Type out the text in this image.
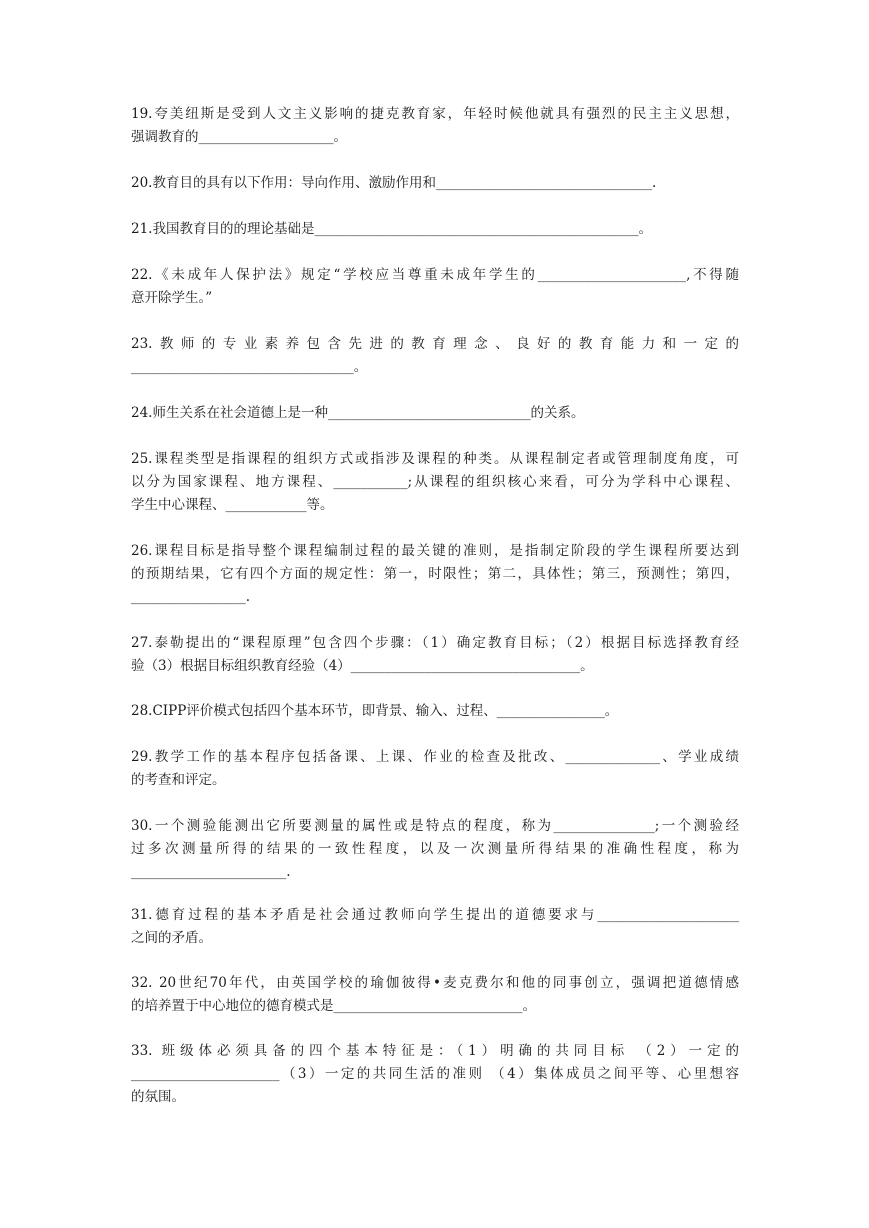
19.夸美纽斯是受到人文主义影响的捷克教育家，年轻时候他就具有强烈的民主主义思想，
强调教育的____________________。
20.教育目的具有以下作用：导向作用、激励作用和________________________________.
21.我国教育目的的理论基础是________________________________________________。
22.《未成年人保护法》规定“学校应当尊重未成年学生的______________________,不得随
意开除学生。”
23.教师的专业素养包含先进的教育理念、良好的教育能力和一定的
_________________________________。
24.师生关系在社会道德上是一种______________________________的关系。
25.课程类型是指课程的组织方式或指涉及课程的种类。从课程制定者或管理制度角度，可
以分为国家课程、地方课程、___________;从课程的组织核心来看，可分为学科中心课程、
学生中心课程、____________等。
26.课程目标是指导整个课程编制过程的最关键的准则，是指制定阶段的学生课程所要达到
的预期结果，它有四个方面的规定性：第一，时限性；第二，具体性；第三，预测性；第四，
_________________.
27.泰勒提出的“课程原理”包含四个步骤：（1）确定教育目标；（2）根据目标选择教育经
验（3）根据目标组织教育经验（4）__________________________________。
28.CIPP评价模式包括四个基本环节，即背景、输入、过程、________________。
29.教学工作的基本程序包括备课、上课、作业的检查及批改、______________、学业成绩
的考查和评定。
30.一个测验能测出它所要测量的属性或是特点的程度，称为_______________;一个测验经
过多次测量所得的结果的一致性程度，以及一次测量所得结果的准确性程度，称为
_______________________.
31.德育过程的基本矛盾是社会通过教师向学生提出的道德要求与_____________________
之间的矛盾。
32. 20世纪70年代，由英国学校的瑜伽彼得•麦克费尔和他的同事创立，强调把道德情感
的培养置于中心地位的德育模式是____________________________。
33. 班级体必须具备的四个基本特征是：（1）明确的共同目标 （2）一定的
______________________（3）一定的共同生活的准则 （4）集体成员之间平等、心里想容
的氛围。
